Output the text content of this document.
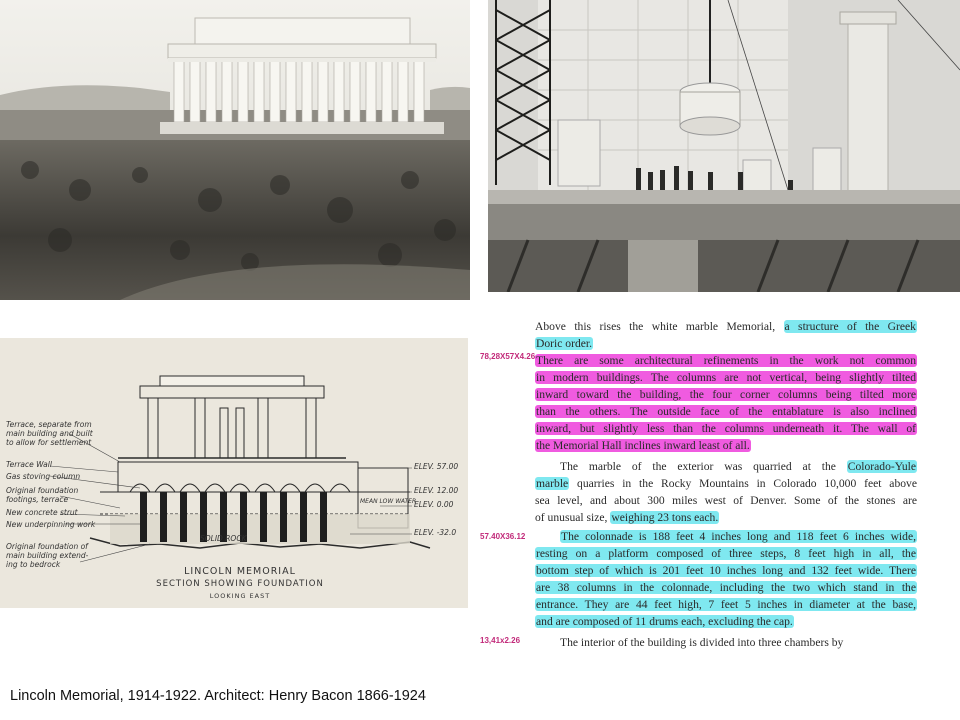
Terrace, separate from
main building and built
to allow for settlement
Terrace Wall
Gas stoving column
Original foundation
footings, terrace
New concrete strut
New underpinning work
Original foundation of
main building extend-
ing to bedrock
ELEV. 57.00
ELEV. 12.00
MEAN LOW WATER
ELEV. 0.00
ELEV. -32.0
SOLID ROCK
LINCOLN MEMORIAL
SECTION SHOWING FOUNDATION
LOOKING EAST
78,28X57X4.26
57.40X36.12
13,41x2.26
Above this rises the white marble Memorial, a structure of the Greek
Doric order.
There are some architectural refinements in the work not common
in modern buildings. The columns are not vertical, being slightly tilted
inward toward the building, the four corner columns being tilted more
than the others. The outside face of the entablature is also inclined
inward, but slightly less than the columns underneath it. The wall of
the Memorial Hall inclines inward least of all.
The marble of the exterior was quarried at the Colorado-Yule
marble quarries in the Rocky Mountains in Colorado 10,000 feet above
sea level, and about 300 miles west of Denver. Some of the stones are
of unusual size, weighing 23 tons each.
The colonnade is 188 feet 4 inches long and 118 feet 6 inches wide,
resting on a platform composed of three steps, 8 feet high in all, the
bottom step of which is 201 feet 10 inches long and 132 feet wide. There
are 38 columns in the colonnade, including the two which stand in the
entrance. They are 44 feet high, 7 feet 5 inches in diameter at the base,
and are composed of 11 drums each, excluding the cap.
The interior of the building is divided into three chambers by
Lincoln Memorial, 1914-1922. Architect: Henry Bacon 1866-1924
